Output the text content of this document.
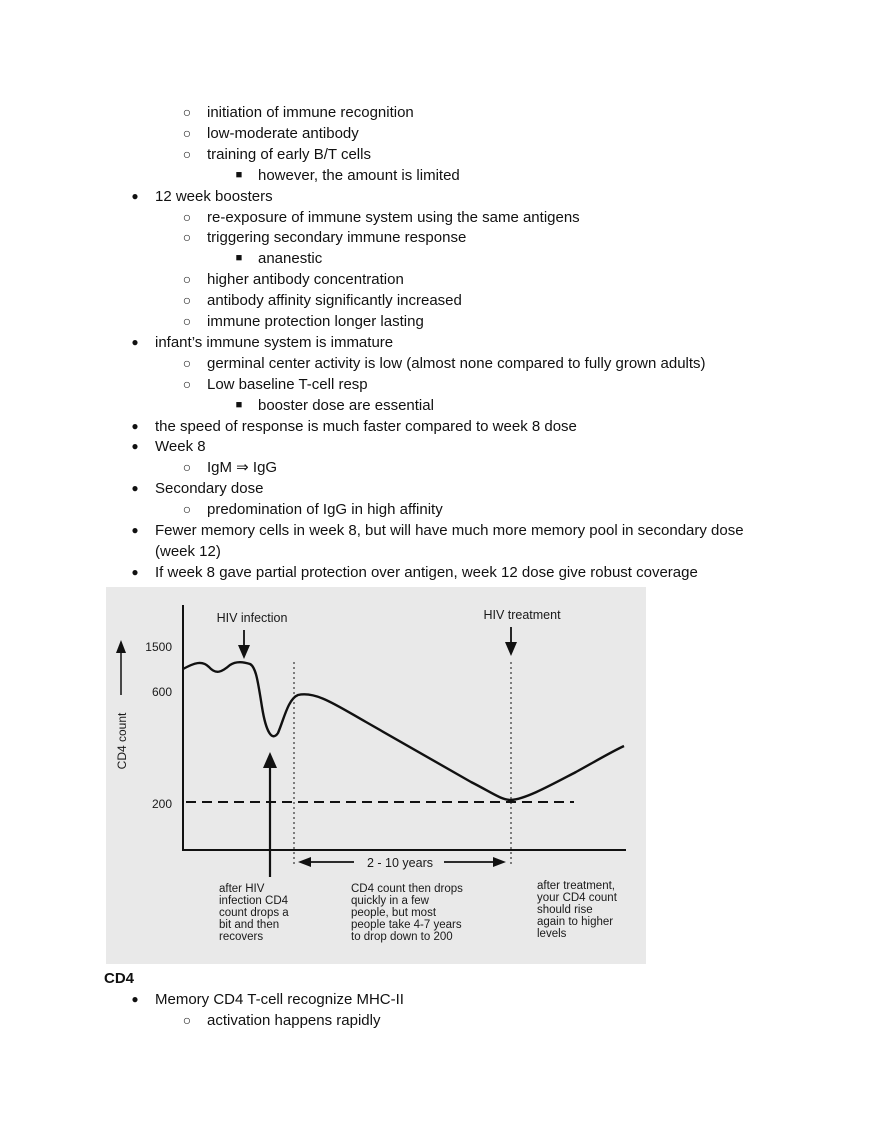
○ initiation of immune recognition
○ low-moderate antibody
○ training of early B/T cells
■ however, the amount is limited
● 12 week boosters
○ re-exposure of immune system using the same antigens
○ triggering secondary immune response
■ ananestic
○ higher antibody concentration
○ antibody affinity significantly increased
○ immune protection longer lasting
● infant’s immune system is immature
○ germinal center activity is low (almost none compared to fully grown adults)
○ Low baseline T-cell resp
■ booster dose are essential
● the speed of response is much faster compared to week 8 dose
● Week 8
○ IgM ⇒ IgG
● Secondary dose
○ predomination of IgG in high affinity
● Fewer memory cells in week 8, but will have much more memory pool in secondary dose
(week 12)
● If week 8 gave partial protection over antigen, week 12 dose give robust coverage
CD4 count
1500
600
200
HIV infection	HIV treatment
2 - 10 years
after HIV
infection CD4
count drops a
bit and then
recovers
CD4 count then drops
quickly in a few
people, but most
people take 4-7 years
to drop down to 200
after treatment,
your CD4 count
should rise
again to higher
levels
CD4
● Memory CD4 T-cell recognize MHC-II
○ activation happens rapidly
